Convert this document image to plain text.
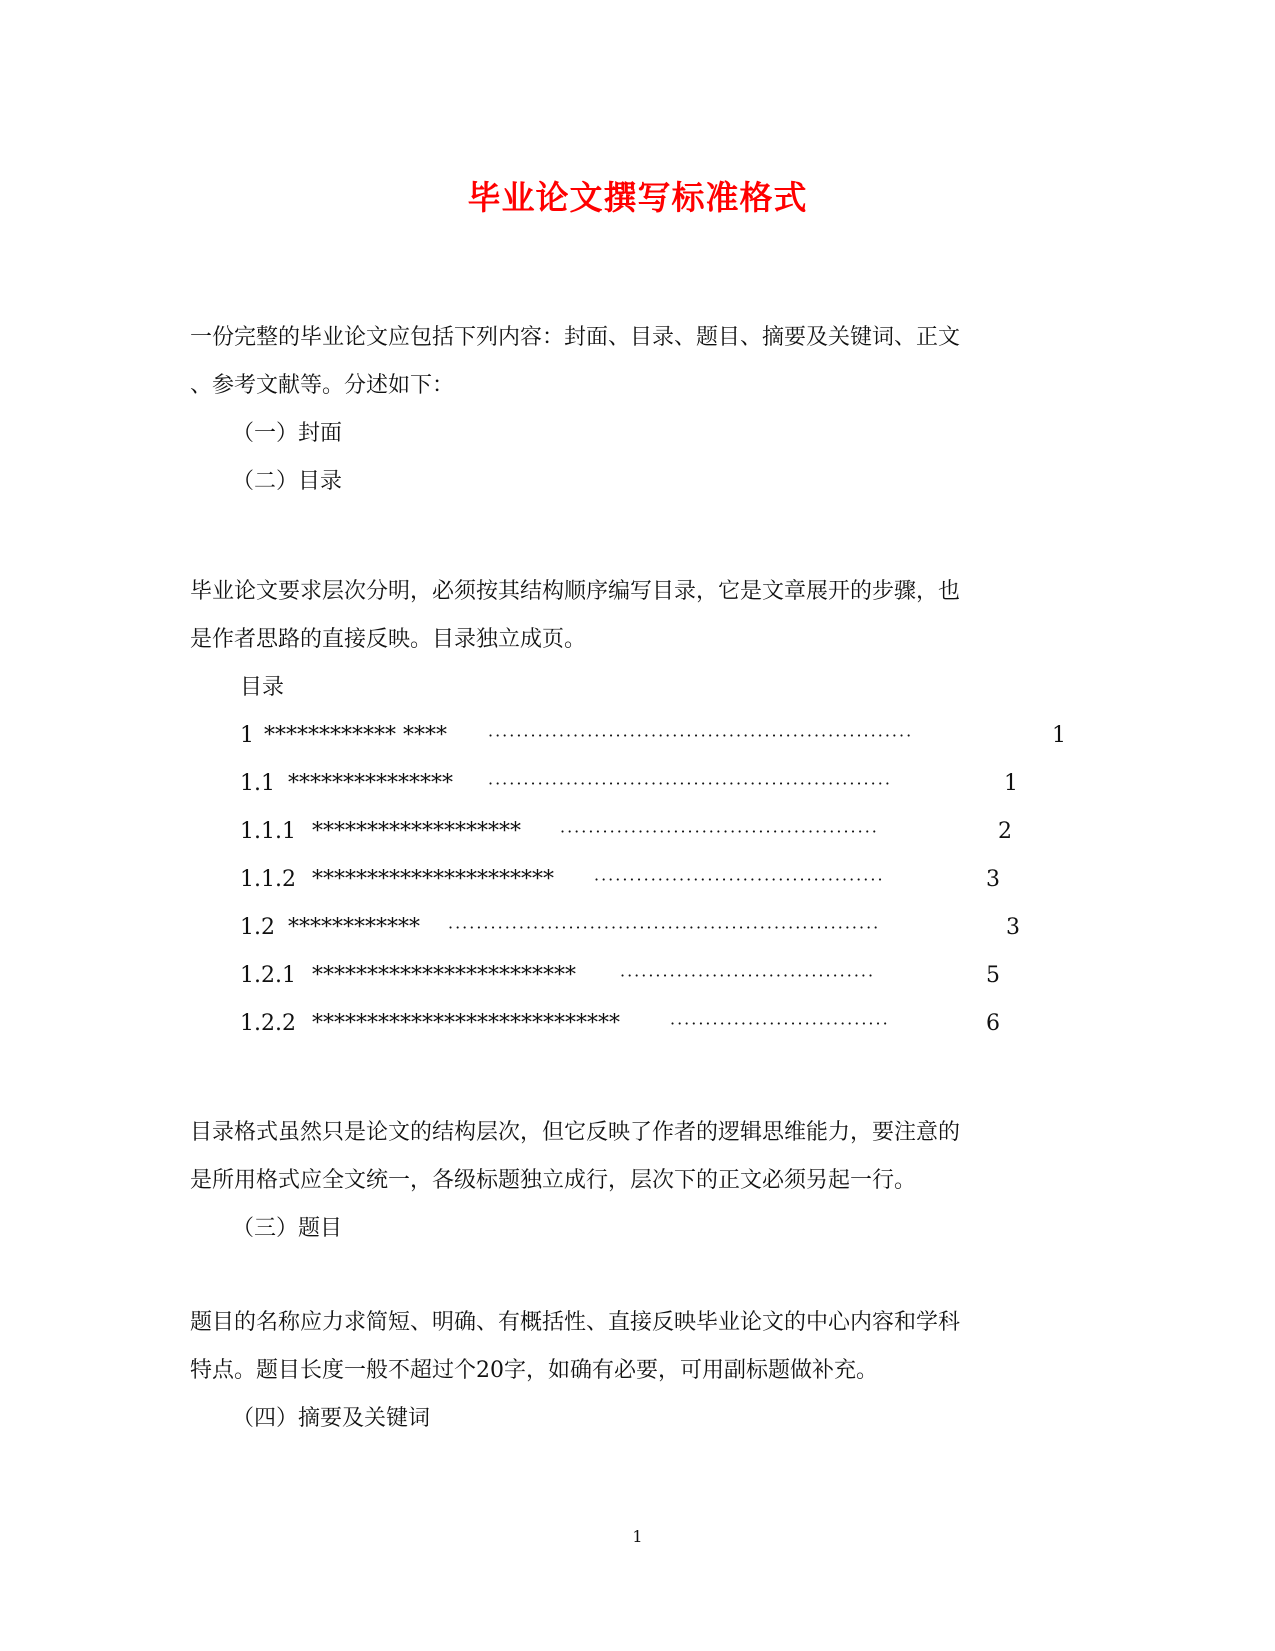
毕业论文撰写标准格式
一份完整的毕业论文应包括下列内容：封面、目录、题目、摘要及关键词、正文
、参考文献等。分述如下：
（一）封面
（二）目录
毕业论文要求层次分明，必须按其结构顺序编写目录，它是文章展开的步骤，也
是作者思路的直接反映。目录独立成页。
目录
1 ************ ****	····························································	1
1.1 *************** ·························································	1
1.1.1 ******************* ·············································	2
1.1.2 **********************	·········································	3
1.2 ************ ·····························································	3
1.2.1 ************************	····································	5
1.2.2 ****************************	·······························	6
目录格式虽然只是论文的结构层次，但它反映了作者的逻辑思维能力，要注意的
是所用格式应全文统一，各级标题独立成行，层次下的正文必须另起一行。
（三）题目
题目的名称应力求简短、明确、有概括性、直接反映毕业论文的中心内容和学科
特点。题目长度一般不超过个20字，如确有必要，可用副标题做补充。
（四）摘要及关键词
1
